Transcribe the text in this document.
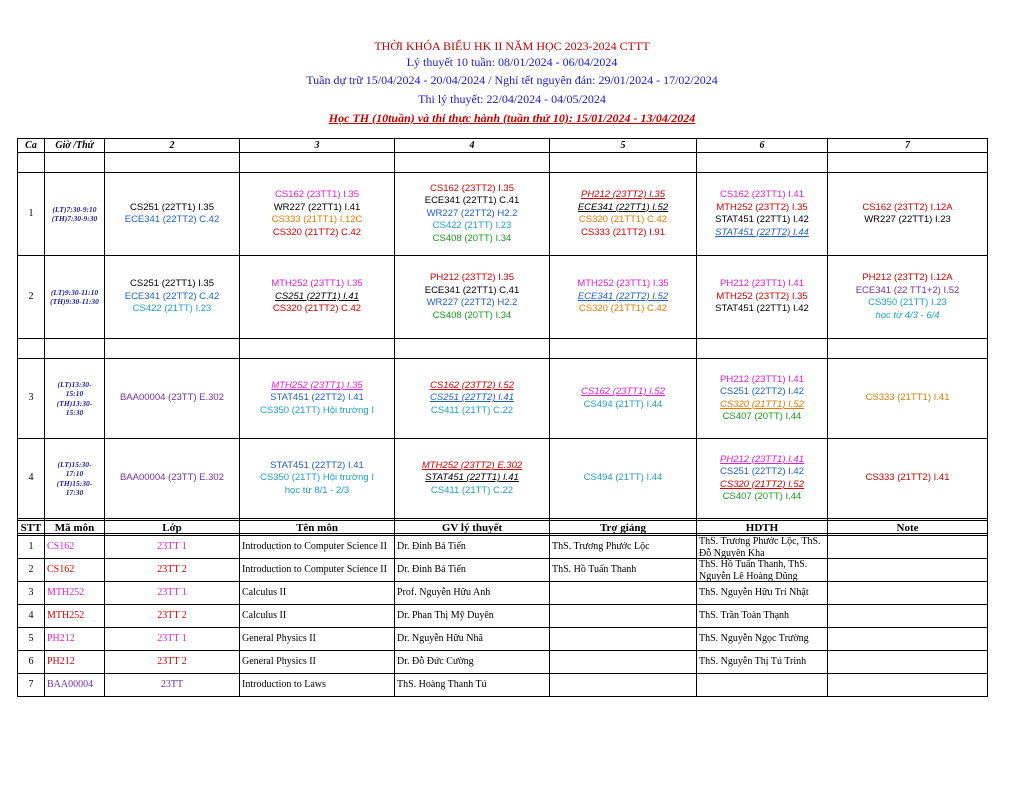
THỜI KHÓA BIỂU HK II NĂM HỌC 2023-2024 CTTT
Lý thuyết 10 tuần: 08/01/2024 - 06/04/2024
Tuần dự trữ 15/04/2024 - 20/04/2024 / Nghỉ tết nguyên đán: 29/01/2024 - 17/02/2024
Thi lý thuyết: 22/04/2024 - 04/05/2024
Học TH (10tuần) và thi thực hành (tuần thứ 10): 15/01/2024 - 13/04/2024
Ca	Giờ /Thứ	2	3	4	5	6	7

1	(LT)7:30-9:10
(TH)7:30-9:30	CS251 (22TT1) I.35
ECE341 (22TT2) C.42	CS162 (23TT1) I.35
WR227 (22TT1) I.41
CS333 (21TT1) I.12C
CS320 (21TT2) C.42	CS162 (23TT2) I.35
ECE341 (22TT1) C.41
WR227 (22TT2) H2.2
CS422 (21TT) I.23
CS408 (20TT) I.34	PH212 (23TT2) I.35
ECE341 (22TT1) I.52
CS320 (21TT1) C.42
CS333 (21TT2) I.91	CS162 (23TT1) I.41
MTH252 (23TT2) I.35
STAT451 (22TT1) I.42
STAT451 (22TT2) I.44	CS162 (23TT2) I.12A
WR227 (22TT1) I.23

2	(LT)9:30-11:10
(TH)9:30-11:30	CS251 (22TT1) I.35
ECE341 (22TT2) C.42
CS422 (21TT) I.23	MTH252 (23TT1) I.35
CS251 (22TT1) I.41
CS320 (21TT2) C.42	PH212 (23TT2) I.35
ECE341 (22TT1) C.41
WR227 (22TT2) H2.2
CS408 (20TT) I.34	MTH252 (23TT1) I.35
ECE341 (22TT2) I.52
CS320 (21TT1) C.42	PH212 (23TT1) I.41
MTH252 (23TT2) I.35
STAT451 (22TT1) I.42	PH212 (23TT2) I.12A
ECE341 (22 TT1+2) I.52
CS350 (21TT) I.23
học từ 4/3 - 6/4

3	(LT)13:30-
15:10
(TH)13:30-
15:30	BAA00004 (23TT) E.302	MTH252 (23TT1) I.35
STAT451 (22TT2) I.41
CS350 (21TT) Hội trường I	CS162 (23TT2) I.52
CS251 (22TT2) I.41
CS411 (21TT) C.22	CS162 (23TT1) I.52
CS494 (21TT) I.44	PH212 (23TT1) I.41
CS251 (22TT2) I.42
CS320 (21TT1) I.52
CS407 (20TT) I.44	CS333 (21TT1) I.41

4	(LT)15:30-
17:10
(TH)15:30-
17:30	BAA00004 (23TT) E.302	STAT451 (22TT2) I.41
CS350 (21TT) Hội trường I
học từ 8/1 - 2/3	MTH252 (23TT2) E.302
STAT451 (22TT1) I.41
CS411 (21TT) C.22	CS494 (21TT) I.44	PH212 (23TT1) I.41
CS251 (22TT2) I.42
CS320 (21TT2) I.52
CS407 (20TT) I.44	CS333 (21TT2) I.41

STT	Mã môn	Lớp	Tên môn	GV lý thuyết	Trợ giảng	HDTH	Note
1	CS162	23TT 1	Introduction to Computer Science II	Dr. Đinh Bá Tiến	ThS. Trương Phước Lộc	ThS. Trương Phước Lộc, ThS. Đỗ Nguyên Kha	

2	CS162	23TT 2	Introduction to Computer Science II	Dr. Đinh Bá Tiến	ThS. Hồ Tuấn Thanh	ThS. Hồ Tuấn Thanh, ThS. Nguyễn Lê Hoàng Dũng	

3	MTH252	23TT 1	Calculus II	Prof. Nguyễn Hữu Anh		ThS. Nguyễn Hữu Trí Nhật	

4	MTH252	23TT 2	Calculus II	Dr. Phan Thị Mỹ Duyên		ThS. Trần Toàn Thạnh	

5	PH212	23TT 1	General Physics II	Dr. Nguyễn Hữu Nhã		ThS. Nguyễn Ngọc Trường	

6	PH212	23TT 2	General Physics II	Dr. Đỗ Đức Cường		ThS. Nguyễn Thị Tú Trinh	

7	BAA00004	23TT	Introduction to Laws	ThS. Hoàng Thanh Tú		
